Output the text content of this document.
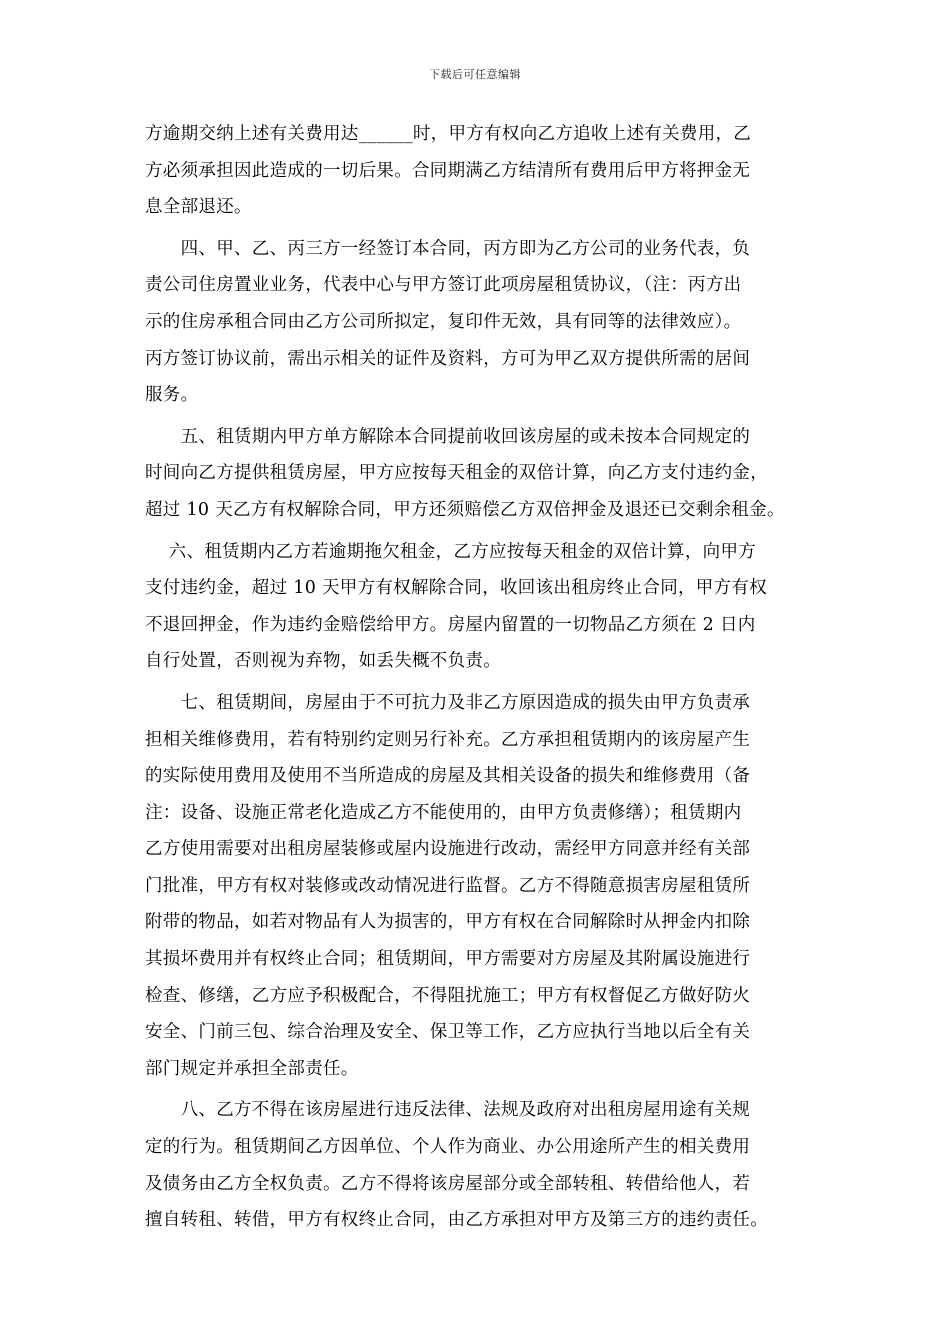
下载后可任意编辑
方逾期交纳上述有关费用达______时，甲方有权向乙方追收上述有关费用，乙
方必须承担因此造成的一切后果。合同期满乙方结清所有费用后甲方将押金无
息全部退还。
　　四、甲、乙、丙三方一经签订本合同，丙方即为乙方公司的业务代表，负
责公司住房置业业务，代表中心与甲方签订此项房屋租赁协议，（注：丙方出
示的住房承租合同由乙方公司所拟定，复印件无效，具有同等的法律效应）。
丙方签订协议前，需出示相关的证件及资料，方可为甲乙双方提供所需的居间
服务。
　　五、租赁期内甲方单方解除本合同提前收回该房屋的或未按本合同规定的
时间向乙方提供租赁房屋，甲方应按每天租金的双倍计算，向乙方支付违约金，
超过 10 天乙方有权解除合同，甲方还须赔偿乙方双倍押金及退还已交剩余租金。
　 六、租赁期内乙方若逾期拖欠租金，乙方应按每天租金的双倍计算，向甲方
支付违约金，超过 10 天甲方有权解除合同，收回该出租房终止合同，甲方有权
不退回押金，作为违约金赔偿给甲方。房屋内留置的一切物品乙方须在 2 日内
自行处置，否则视为弃物，如丢失概不负责。
　　七、租赁期间，房屋由于不可抗力及非乙方原因造成的损失由甲方负责承
担相关维修费用，若有特别约定则另行补充。乙方承担租赁期内的该房屋产生
的实际使用费用及使用不当所造成的房屋及其相关设备的损失和维修费用（备
注：设备、设施正常老化造成乙方不能使用的，由甲方负责修缮）；租赁期内
乙方使用需要对出租房屋装修或屋内设施进行改动，需经甲方同意并经有关部
门批准，甲方有权对装修或改动情况进行监督。乙方不得随意损害房屋租赁所
附带的物品，如若对物品有人为损害的，甲方有权在合同解除时从押金内扣除
其损坏费用并有权终止合同；租赁期间，甲方需要对方房屋及其附属设施进行
检查、修缮，乙方应予积极配合，不得阻扰施工；甲方有权督促乙方做好防火
安全、门前三包、综合治理及安全、保卫等工作，乙方应执行当地以后全有关
部门规定并承担全部责任。
　　八、乙方不得在该房屋进行违反法律、法规及政府对出租房屋用途有关规
定的行为。租赁期间乙方因单位、个人作为商业、办公用途所产生的相关费用
及债务由乙方全权负责。乙方不得将该房屋部分或全部转租、转借给他人，若
擅自转租、转借，甲方有权终止合同，由乙方承担对甲方及第三方的违约责任。
